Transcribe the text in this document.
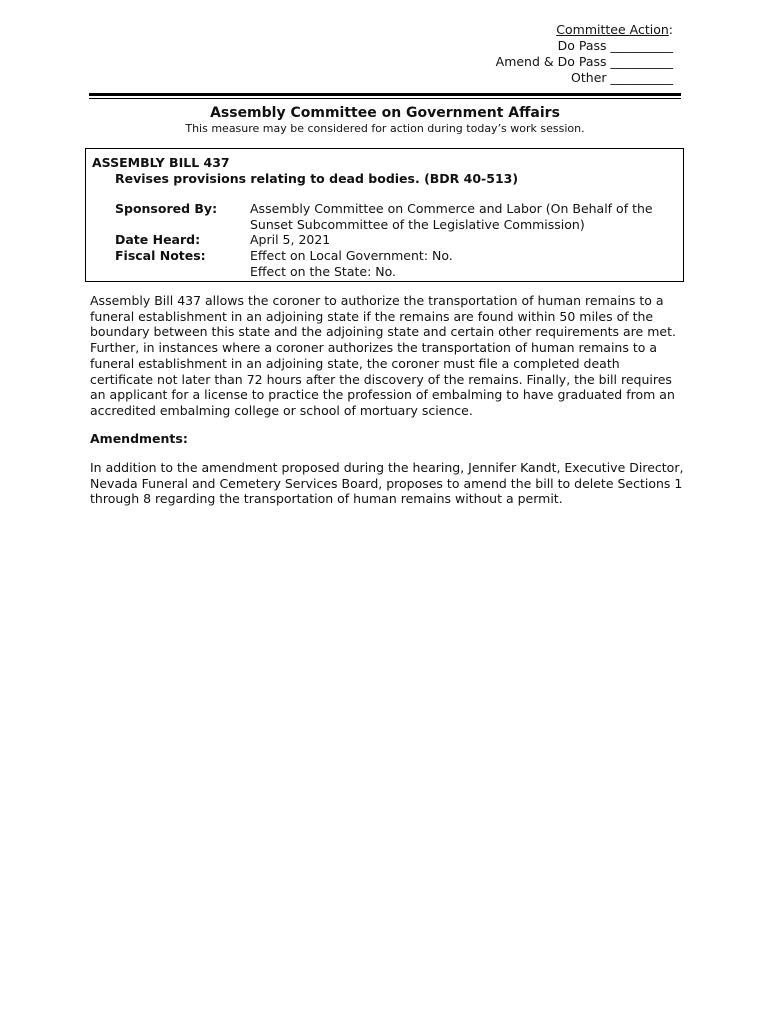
Committee Action:
Do Pass __________
Amend & Do Pass __________
Other __________
Assembly Committee on Government Affairs
This measure may be considered for action during today’s work session.
ASSEMBLY BILL 437
Revises provisions relating to dead bodies. (BDR 40-513)
Sponsored By:	Assembly Committee on Commerce and Labor (On Behalf of the Sunset Subcommittee of the Legislative Commission)
Date Heard:	April 5, 2021
Fiscal Notes:	Effect on Local Government: No.
Effect on the State: No.
Assembly Bill 437 allows the coroner to authorize the transportation of human remains to a funeral establishment in an adjoining state if the remains are found within 50 miles of the boundary between this state and the adjoining state and certain other requirements are met. Further, in instances where a coroner authorizes the transportation of human remains to a funeral establishment in an adjoining state, the coroner must file a completed death certificate not later than 72 hours after the discovery of the remains. Finally, the bill requires an applicant for a license to practice the profession of embalming to have graduated from an accredited embalming college or school of mortuary science.
Amendments:
In addition to the amendment proposed during the hearing, Jennifer Kandt, Executive Director, Nevada Funeral and Cemetery Services Board, proposes to amend the bill to delete Sections 1 through 8 regarding the transportation of human remains without a permit.
